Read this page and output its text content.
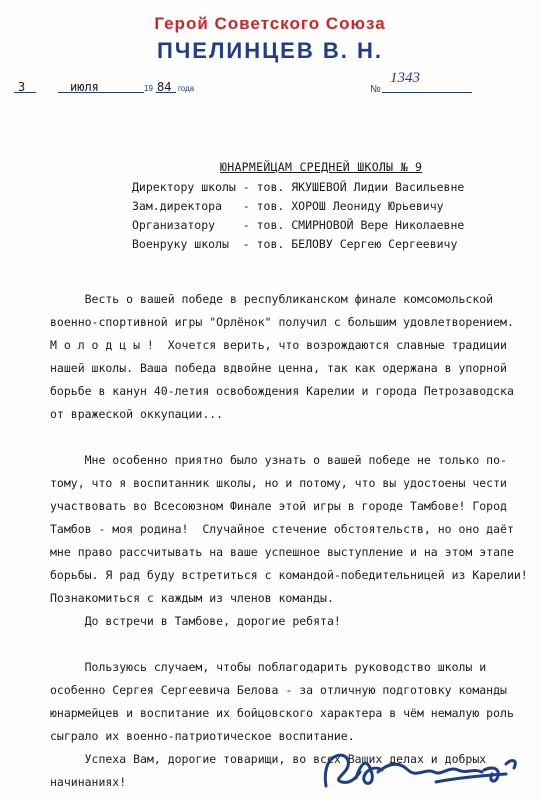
Герой Советского Союза
ПЧЕЛИНЦЕВ В. Н.
3	июля	19 84 года	№
1343
ЮНАРМЕЙЦАМ СРЕДНЕЙ ШКОЛЫ № 9
Директору школы - тов. ЯКУШЕВОЙ Лидии Васильевне
Зам.директора   - тов. ХОРОШ Леониду Юрьевичу
Организатору    - тов. СМИРНОВОЙ Вере Николаевне
Военруку школы  - тов. БЕЛОВУ Сергею Сергеевичу
Весть о вашей победе в республиканском финале комсомольской
военно-спортивной игры "Орлёнок" получил с большим удовлетворением.
М о л о д ц ы !  Хочется верить, что возрождаются славные традиции
нашей школы. Ваша победа вдвойне ценна, так как одержана в упорной
борьбе в канун 40-летия освобождения Карелии и города Петрозаводска
от вражеской оккупации...
Мне особенно приятно было узнать о вашей победе не только по-
тому, что я воспитанник школы, но и потому, что вы удостоены чести
участвовать во Всесоюзном Финале этой игры в городе Тамбове! Город
Тамбов - моя родина!  Случайное стечение обстоятельств, но оно даёт
мне право рассчитывать на ваше успешное выступление и на этом этапе
борьбы. Я рад буду встретиться с командой-победительницей из Карелии!
Познакомиться с каждым из членов команды.
До встречи в Тамбове, дорогие ребята!
Пользуюсь случаем, чтобы поблагодарить руководство школы и
особенно Сергея Сергеевича Белова - за отличную подготовку команды
юнармейцев и воспитание их бойцовского характера в чём немалую роль
сыграло их военно-патриотическое воспитание.
Успеха Вам, дорогие товарищи, во всех Ваших делах и добрых
начинаниях!
